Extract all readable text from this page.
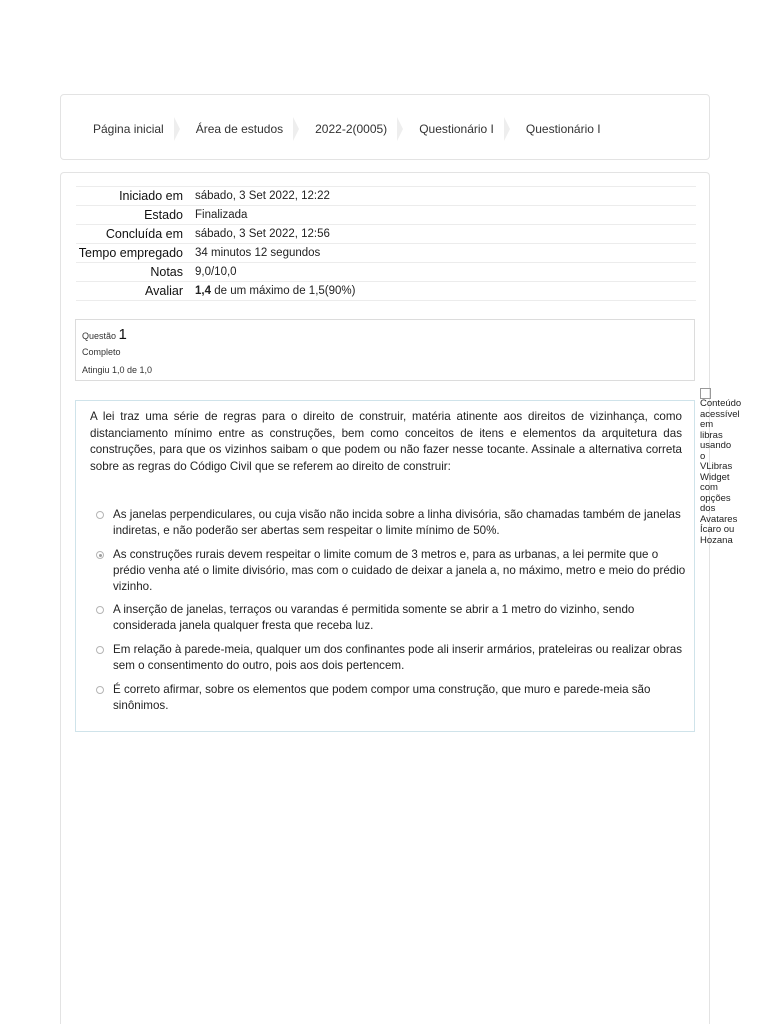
Página inicial	Área de estudos	2022-2(0005)	Questionário I	Questionário I
Iniciado em	sábado, 3 Set 2022, 12:22
Estado	Finalizada
Concluída em	sábado, 3 Set 2022, 12:56
Tempo empregado	34 minutos 12 segundos
Notas	9,0/10,0
Avaliar	1,4 de um máximo de 1,5(90%)
Questão 1
Completo
Atingiu 1,0 de 1,0
A lei traz uma série de regras para o direito de construir, matéria atinente aos direitos de vizinhança, como distanciamento mínimo entre as construções, bem como conceitos de itens e elementos da arquitetura das construções, para que os vizinhos saibam o que podem ou não fazer nesse tocante. Assinale a alternativa correta sobre as regras do Código Civil que se referem ao direito de construir:
As janelas perpendiculares, ou cuja visão não incida sobre a linha divisória, são chamadas também de janelas indiretas, e não poderão ser abertas sem respeitar o limite mínimo de 50%.
As construções rurais devem respeitar o limite comum de 3 metros e, para as urbanas, a lei permite que o prédio venha até o limite divisório, mas com o cuidado de deixar a janela a, no máximo, metro e meio do prédio vizinho.
A inserção de janelas, terraços ou varandas é permitida somente se abrir a 1 metro do vizinho, sendo considerada janela qualquer fresta que receba luz.
Em relação à parede-meia, qualquer um dos confinantes pode ali inserir armários, prateleiras ou realizar obras sem o consentimento do outro, pois aos dois pertencem.
É correto afirmar, sobre os elementos que podem compor uma construção, que muro e parede-meia são sinônimos.
Conteúdo acessível em libras usando o VLibras Widget com opções dos Avatares Ícaro ou Hozana
